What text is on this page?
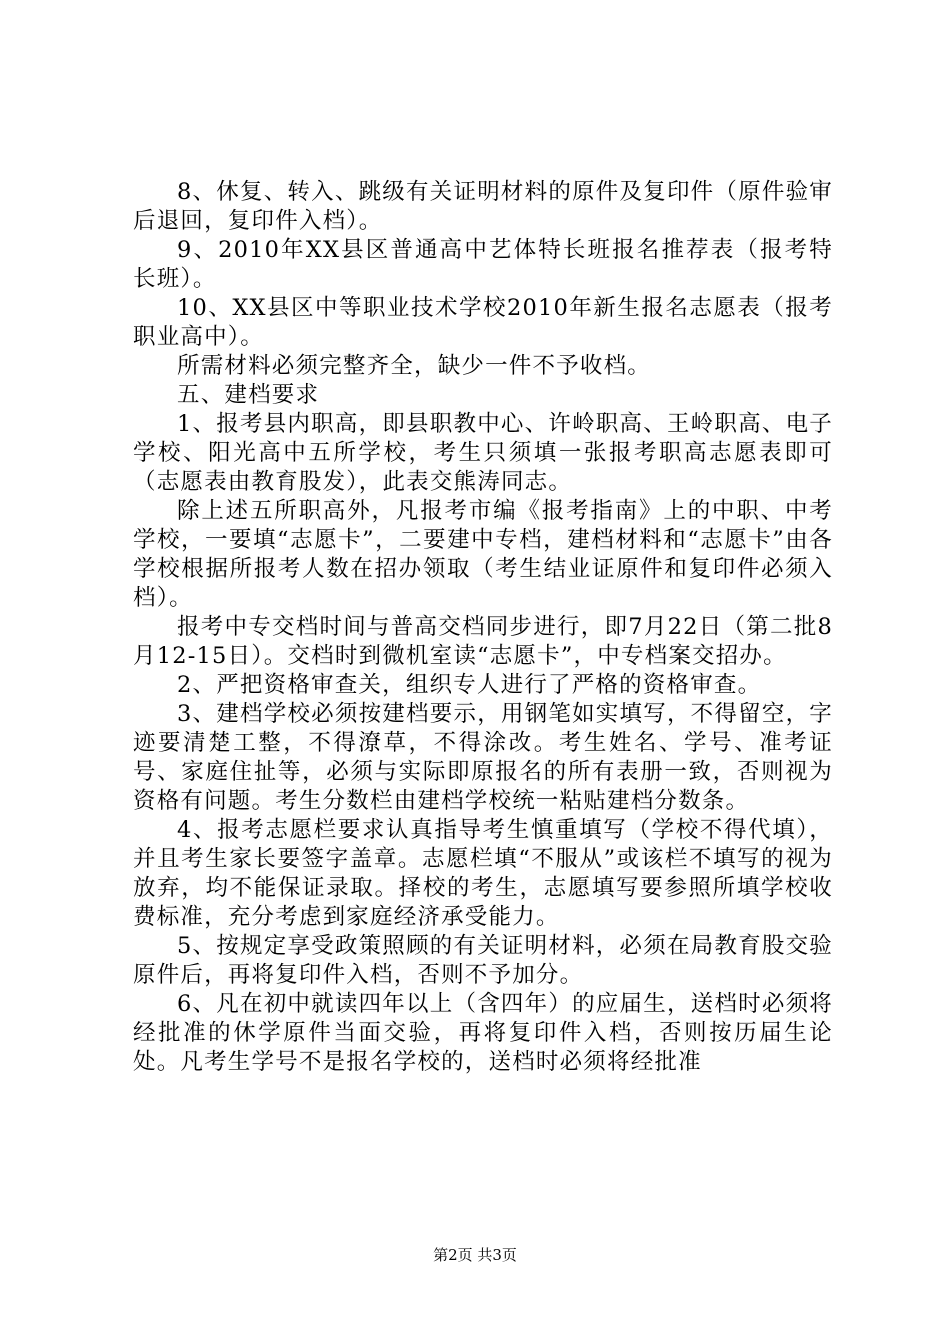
8、休复、转入、跳级有关证明材料的原件及复印件（原件验审后退回，复印件入档）。

9、2010年XX县区普通高中艺体特长班报名推荐表（报考特长班）。

10、XX县区中等职业技术学校2010年新生报名志愿表（报考职业高中）。

所需材料必须完整齐全，缺少一件不予收档。

五、建档要求

1、报考县内职高，即县职教中心、许岭职高、王岭职高、电子学校、阳光高中五所学校，考生只须填一张报考职高志愿表即可（志愿表由教育股发），此表交熊涛同志。

除上述五所职高外，凡报考市编《报考指南》上的中职、中考学校，一要填“志愿卡”，二要建中专档，建档材料和“志愿卡”由各学校根据所报考人数在招办领取（考生结业证原件和复印件必须入档）。

报考中专交档时间与普高交档同步进行，即7月22日（第二批8月12-15日）。交档时到微机室读“志愿卡”，中专档案交招办。

2、严把资格审查关，组织专人进行了严格的资格审查。

3、建档学校必须按建档要示，用钢笔如实填写，不得留空，字迹要清楚工整，不得潦草，不得涂改。考生姓名、学号、准考证号、家庭住扯等，必须与实际即原报名的所有表册一致，否则视为资格有问题。考生分数栏由建档学校统一粘贴建档分数条。

4、报考志愿栏要求认真指导考生慎重填写（学校不得代填），并且考生家长要签字盖章。志愿栏填“不服从”或该栏不填写的视为放弃，均不能保证录取。择校的考生，志愿填写要参照所填学校收费标准，充分考虑到家庭经济承受能力。

5、按规定享受政策照顾的有关证明材料，必须在局教育股交验原件后，再将复印件入档，否则不予加分。

6、凡在初中就读四年以上（含四年）的应届生，送档时必须将经批准的休学原件当面交验，再将复印件入档，否则按历届生论处。凡考生学号不是报名学校的，送档时必须将经批准

第2页 共3页
